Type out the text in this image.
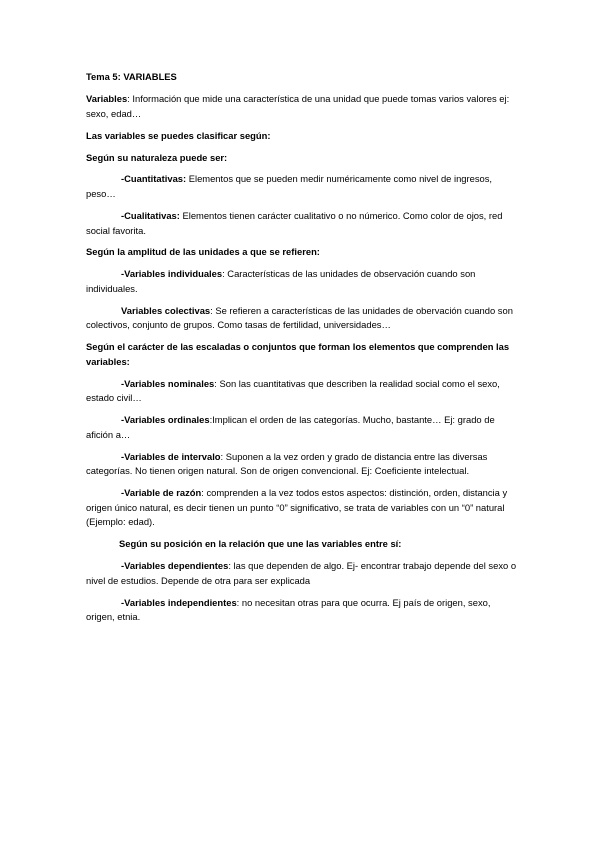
Tema 5: VARIABLES

Variables: Información que mide una característica de una unidad que puede tomas varios valores ej: sexo, edad…

Las variables se puedes clasificar según:

Según su naturaleza puede ser:

-Cuantitativas: Elementos que se pueden medir numéricamente como nivel de ingresos, peso…

-Cualitativas: Elementos tienen carácter cualitativo o no númerico. Como color de ojos, red social favorita.

Según la amplitud de las unidades a que se refieren:

-Variables individuales: Características de las unidades de observación cuando son individuales.

Variables colectivas: Se refieren a características de las unidades de obervación cuando son colectivos, conjunto de grupos. Como tasas de fertilidad, universidades…

Según el carácter de las escaladas o conjuntos que forman los elementos que comprenden las variables:

-Variables nominales: Son las cuantitativas que describen la realidad social como el sexo, estado civil…

-Variables ordinales:Implican el orden de las categorías. Mucho, bastante… Ej: grado de afición a…

-Variables de intervalo: Suponen a la vez orden y grado de distancia entre las diversas categorías. No tienen origen natural. Son de origen convencional. Ej: Coeficiente intelectual.

-Variable de razón: comprenden a la vez todos estos aspectos: distinción, orden, distancia y origen único natural, es decir tienen un punto “0” significativo, se trata de variables con un “0” natural (Ejemplo: edad).

Según su posición en la relación que une las variables entre sí:

-Variables dependientes: las que dependen de algo. Ej- encontrar trabajo depende del sexo o nivel de estudios. Depende de otra para ser explicada

-Variables independientes: no necesitan otras para que ocurra. Ej país de origen, sexo, origen, etnia.
